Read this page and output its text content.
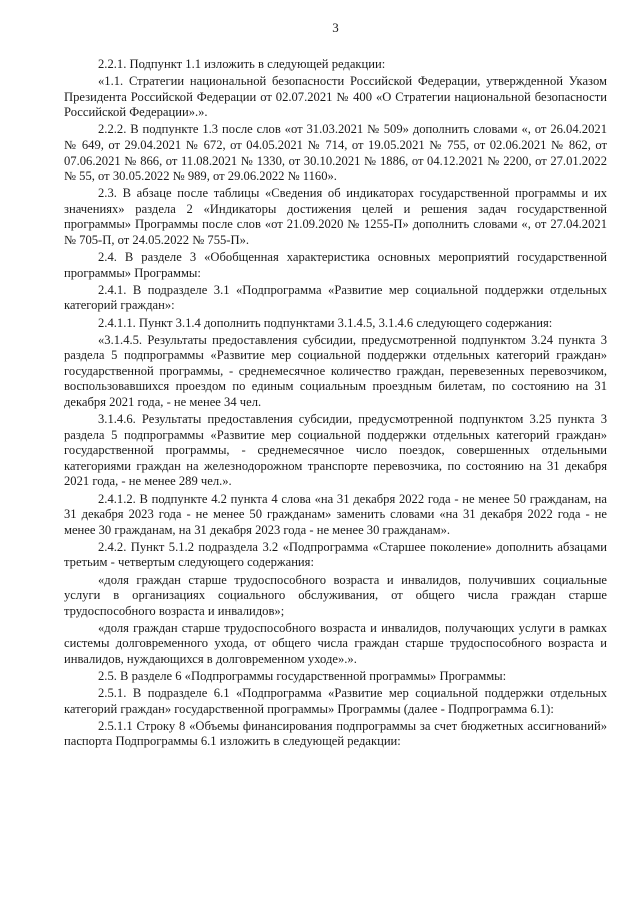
3

2.2.1. Подпункт 1.1 изложить в следующей редакции:

«1.1. Стратегии национальной безопасности Российской Федерации, утвержденной Указом Президента Российской Федерации от 02.07.2021 № 400 «О Стратегии национальной безопасности Российской Федерации».».

2.2.2. В подпункте 1.3 после слов «от 31.03.2021 № 509» дополнить словами «, от 26.04.2021 № 649, от 29.04.2021 № 672, от 04.05.2021 № 714, от 19.05.2021 № 755, от 02.06.2021 № 862, от 07.06.2021 № 866, от 11.08.2021 № 1330, от 30.10.2021 № 1886, от 04.12.2021 № 2200, от 27.01.2022 № 55, от 30.05.2022 № 989, от 29.06.2022 № 1160».

2.3. В абзаце после таблицы «Сведения об индикаторах государственной программы и их значениях» раздела 2 «Индикаторы достижения целей и решения задач государственной программы» Программы после слов «от 21.09.2020 № 1255-П» дополнить словами «, от 27.04.2021 № 705-П, от 24.05.2022 № 755-П».

2.4. В разделе 3 «Обобщенная характеристика основных мероприятий государственной программы» Программы:

2.4.1. В подразделе 3.1 «Подпрограмма «Развитие мер социальной поддержки отдельных категорий граждан»:

2.4.1.1. Пункт 3.1.4 дополнить подпунктами 3.1.4.5, 3.1.4.6 следующего содержания:

«3.1.4.5. Результаты предоставления субсидии, предусмотренной подпунктом 3.24 пункта 3 раздела 5 подпрограммы «Развитие мер социальной поддержки отдельных категорий граждан» государственной программы, - среднемесячное количество граждан, перевезенных перевозчиком, воспользовавшихся проездом по единым социальным проездным билетам, по состоянию на 31 декабря 2021 года, - не менее 34 чел.

3.1.4.6. Результаты предоставления субсидии, предусмотренной подпунктом 3.25 пункта 3 раздела 5 подпрограммы «Развитие мер социальной поддержки отдельных категорий граждан» государственной программы, - среднемесячное число поездок, совершенных отдельными категориями граждан на железнодорожном транспорте перевозчика, по состоянию на 31 декабря 2021 года, - не менее 289 чел.».

2.4.1.2. В подпункте 4.2 пункта 4 слова «на 31 декабря 2022 года - не менее 50 гражданам, на 31 декабря 2023 года - не менее 50 гражданам» заменить словами «на 31 декабря 2022 года - не менее 30 гражданам, на 31 декабря 2023 года - не менее 30 гражданам».

2.4.2. Пункт 5.1.2 подраздела 3.2 «Подпрограмма «Старшее поколение» дополнить абзацами третьим - четвертым следующего содержания:

«доля граждан старше трудоспособного возраста и инвалидов, получивших социальные услуги в организациях социального обслуживания, от общего числа граждан старше трудоспособного возраста и инвалидов»;

«доля граждан старше трудоспособного возраста и инвалидов, получающих услуги в рамках системы долговременного ухода, от общего числа граждан старше трудоспособного возраста и инвалидов, нуждающихся в долговременном уходе».».

2.5. В разделе 6 «Подпрограммы государственной программы» Программы:

2.5.1. В подразделе 6.1 «Подпрограмма «Развитие мер социальной поддержки отдельных категорий граждан» государственной программы» Программы (далее - Подпрограмма 6.1):

2.5.1.1 Строку 8 «Объемы финансирования подпрограммы за счет бюджетных ассигнований» паспорта Подпрограммы 6.1 изложить в следующей редакции:
